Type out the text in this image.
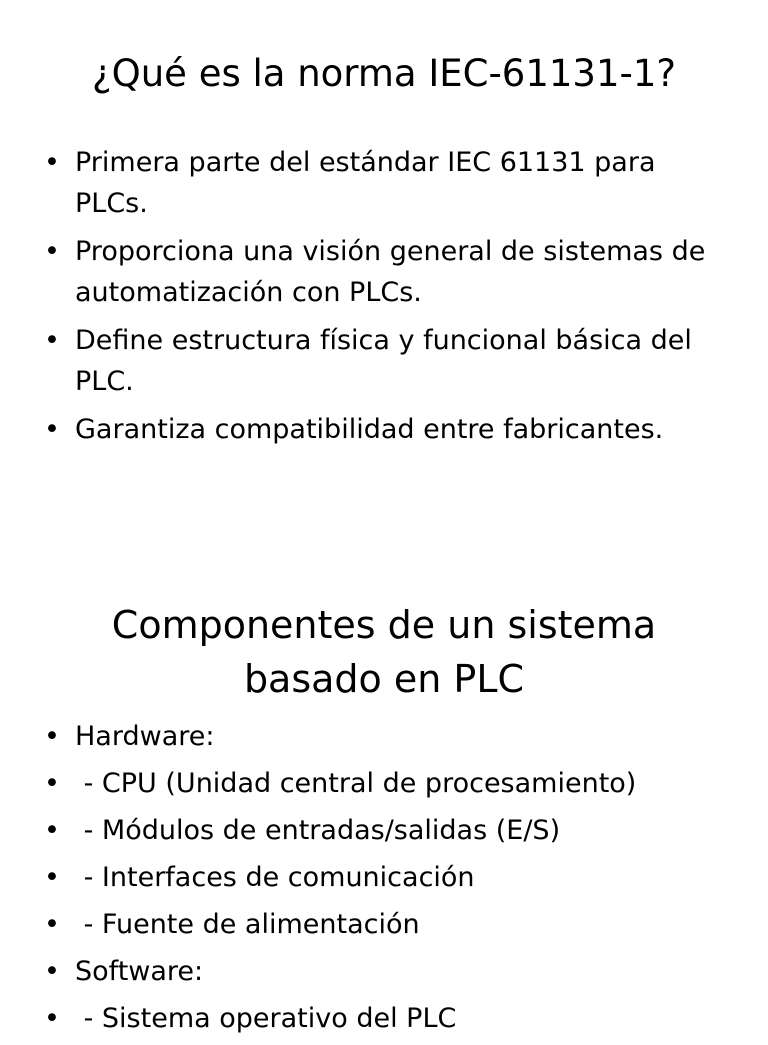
¿Qué es la norma IEC-61131-1?
• Primera parte del estándar IEC 61131 para PLCs.
• Proporciona una visión general de sistemas de automatización con PLCs.
• Define estructura física y funcional básica del PLC.
• Garantiza compatibilidad entre fabricantes.
Componentes de un sistema basado en PLC
• Hardware:
• - CPU (Unidad central de procesamiento)
• - Módulos de entradas/salidas (E/S)
• - Interfaces de comunicación
• - Fuente de alimentación
• Software:
• - Sistema operativo del PLC
